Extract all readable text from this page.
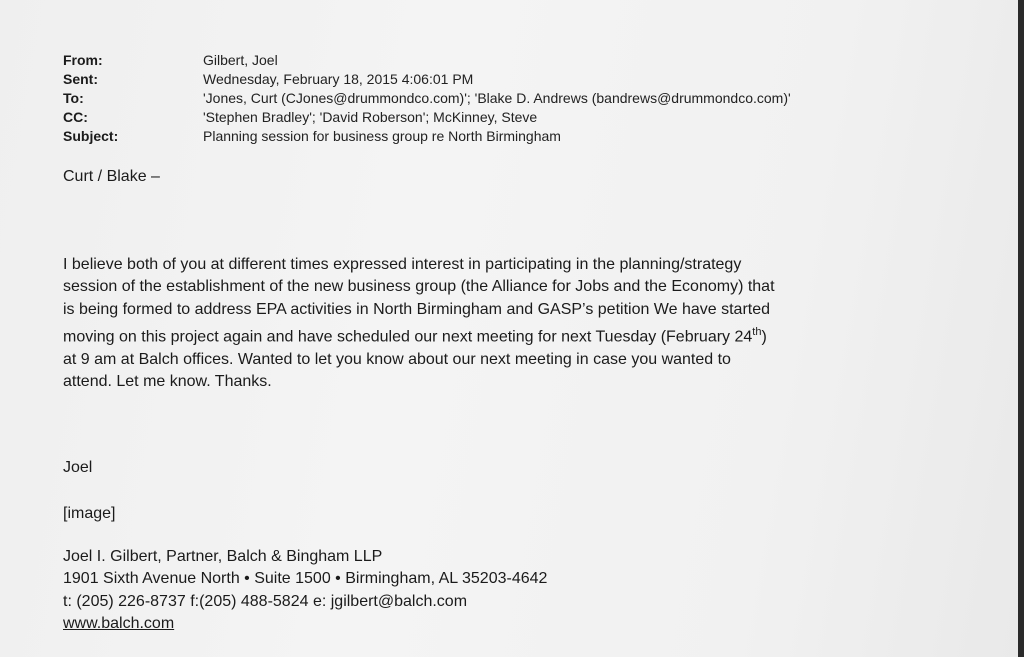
From:	Gilbert, Joel
Sent:	Wednesday, February 18, 2015 4:06:01 PM
To:	'Jones, Curt (CJones@drummondco.com)'; 'Blake D. Andrews (bandrews@drummondco.com)'
CC:	'Stephen Bradley'; 'David Roberson'; McKinney, Steve
Subject:	Planning session for business group re North Birmingham
Curt / Blake –
I believe both of you at different times expressed interest in participating in the planning/strategy
session of the establishment of the new business group (the Alliance for Jobs and the Economy) that
is being formed to address EPA activities in North Birmingham and GASP’s petition We have started
moving on this project again and have scheduled our next meeting for next Tuesday (February 24th)
at 9 am at Balch offices. Wanted to let you know about our next meeting in case you wanted to
attend. Let me know. Thanks.
Joel
[image]
Joel I. Gilbert, Partner, Balch & Bingham LLP
1901 Sixth Avenue North • Suite 1500 • Birmingham, AL 35203-4642
t: (205) 226-8737 f:(205) 488-5824 e: jgilbert@balch.com
www.balch.com
